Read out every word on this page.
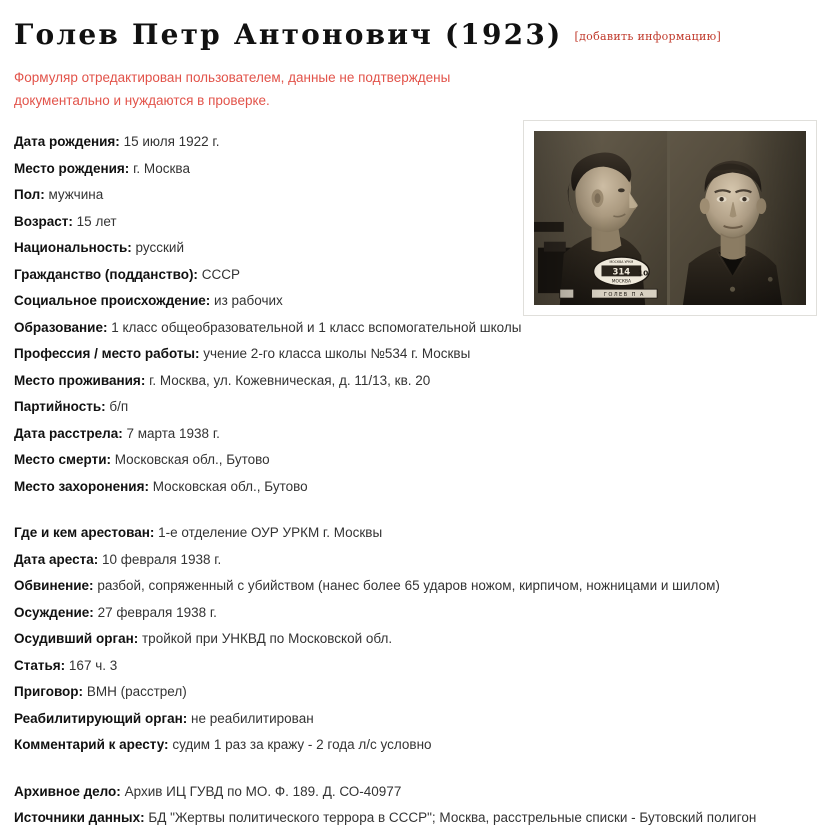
Голев Петр Антонович (1923) [добавить информацию]
Формуляр отредактирован пользователем, данные не подтверждены документально и нуждаются в проверке.
Дата рождения: 15 июля 1922 г.
Место рождения: г. Москва
Пол: мужчина
Возраст: 15 лет
Национальность: русский
Гражданство (подданство): СССР
Социальное происхождение: из рабочих
Образование: 1 класс общеобразовательной и 1 класс вспомогательной школы
Профессия / место работы: учение 2-го класса школы №534 г. Москвы
Место проживания: г. Москва, ул. Кожевническая, д. 11/13, кв. 20
Партийность: б/п
Дата расстрела: 7 марта 1938 г.
Место смерти: Московская обл., Бутово
Место захоронения: Московская обл., Бутово
Где и кем арестован: 1-е отделение ОУР УРКМ г. Москвы
Дата ареста: 10 февраля 1938 г.
Обвинение: разбой, сопряженный с убийством (нанес более 65 ударов ножом, кирпичом, ножницами и шилом)
Осуждение: 27 февраля 1938 г.
Осудивший орган: тройкой при УНКВД по Московской обл.
Статья: 167 ч. 3
Приговор: ВМН (расстрел)
Реабилитирующий орган: не реабилитирован
Комментарий к аресту: судим 1 раз за кражу - 2 года л/с условно
Архивное дело: Архив ИЦ ГУВД по МО. Ф. 189. Д. СО-40977
Источники данных: БД "Жертвы политического террора в СССР"; Москва, расстрельные списки - Бутовский полигон
